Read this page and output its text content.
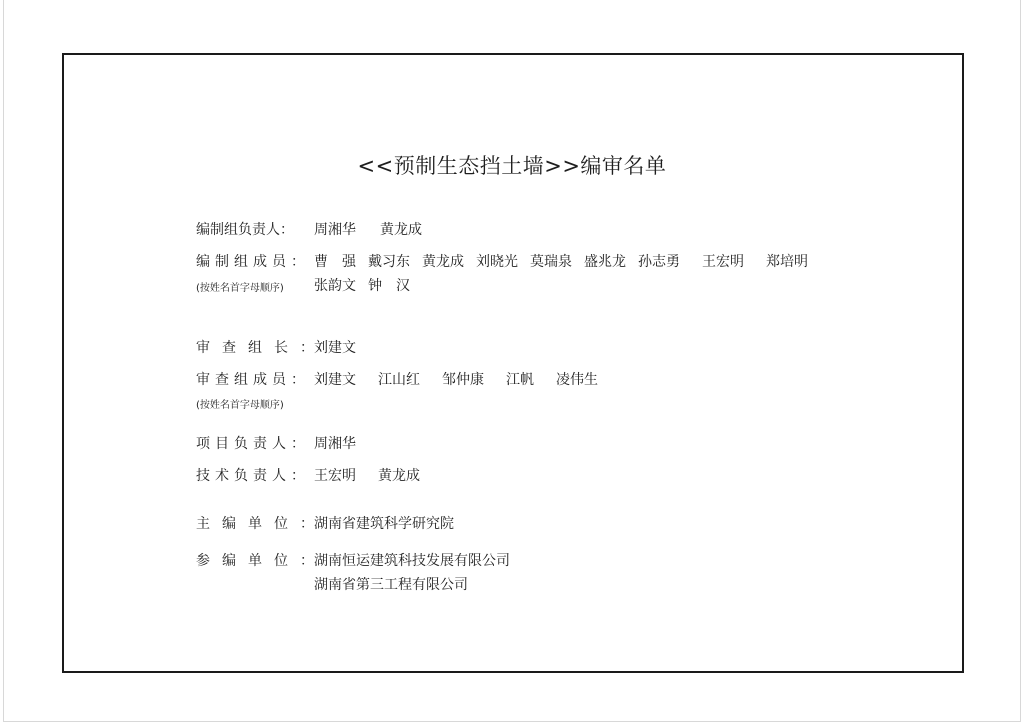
<<预制生态挡土墙>>编审名单
编制组负责人： 周湘华 黄龙成
编制组成员： 曹　强 戴习东 黄龙成 刘晓光 莫瑞泉 盛兆龙 孙志勇 王宏明 郑培明
(按姓名首字母顺序) 张韵文 钟　汉
审查组长：
刘建文
审查组成员： 刘建文 江山红 邹仲康 江帆 凌伟生
(按姓名首字母顺序)
项目负责人： 周湘华
技术负责人： 王宏明 黄龙成
主编单位：
湖南省建筑科学研究院
参编单位：
湖南恒运建筑科技发展有限公司
湖南省第三工程有限公司
